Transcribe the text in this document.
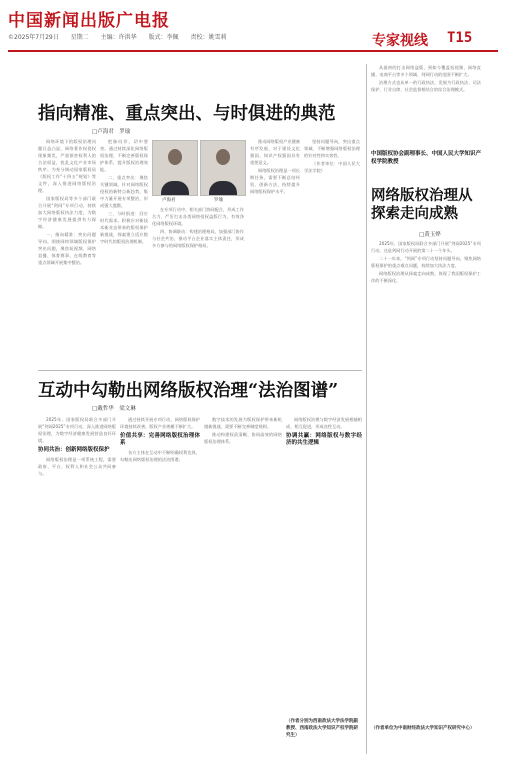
中国新闻出版广电报
©2025年7月29日 星期二 主编：许洪华 版式：李佩 责校：姚雪莉	专家视线 T15
指向精准、重点突出、与时俱进的典范
□卢海君　罗瑜
卢海君	罗瑜

网络环境下的版权治理问题日益凸显，网络著作权侵权现象频发，严重损害权利人的合法权益，扰乱文化产业市场秩序。为充分调动国家版权局《版权工作“十四五”规划》等文件，深入推进网络版权治理。

国家版权局等多个部门联合开展“剑网”专项行动，持续加大网络版权执法力度，为数字经济健康发展提供有力保障。

一、指向精准：突出问题导向。围绕网络领域版权保护突出问题，聚焦短视频、网络直播、体育赛事、在线教育等重点领域开展集中整治。

把脉问诊，切中要害。通过持续深化网络版权治理，不断完善版权保护体系，提升版权治理效能。

二、重点突出：聚焦关键领域。针对网络版权侵权的新特点新趋势，集中力量开展专项整治，形成强大震慑。

三、与时俱进：回应时代需求。积极应对新技术新业态带来的版权保护新挑战，探索建立适应数字时代的版权治理机制。

在专项行动中，相关部门协同配合，形成工作合力，严厉打击各类网络侵权盗版行为，有效净化网络版权环境。

四、协调联动：构建治理格局。加强部门协作与社会共治，推动平台企业落实主体责任，形成多方参与的网络版权保护格局。

推动网络版权产业健康有序发展，对于建设文化强国、知识产权强国具有重要意义。

网络版权治理是一项长期任务，需要不断总结经验、创新方法，持续提升网络版权保护水平。

坚持问题导向，突出重点领域，不断增强网络版权治理的针对性和实效性。

（作者单位：中国人民大学法学院）

互动中勾勒出网络版权治理“法治图谱”
□戴哲华　梁文琳

2025年，国家版权局联合多部门开展“剑网2025”专项行动，深入推进网络版权治理，为数字经济健康发展营造良好环境。

协同共治：创新网络版权保护

网络版权治理是一项系统工程，需要政府、平台、权利人和社会公众共同参与。

通过持续开展专项行动，网络版权保护环境持续改善，版权产业规模不断扩大。

价值共享：完善网络版权治理体系

各方主体在互动中不断明确权利边界，勾勒出网络版权治理的法治图谱。

数字技术的发展为版权保护带来新机遇新挑战，需要不断完善制度规则。

推动构建权责清晰、协同高效的网络版权治理体系。

网络版权治理与数字经济发展相辅相成、相互促进，形成良性互动。

协调共赢：网络版权与数字经济的共生逻辑
（作者分别为西南政法大学法学院副教授、西南政法大学知识产权学院研究生）

从最初的打击网络盗版，到如今覆盖短视频、网络直播、电商平台等多个领域，剑网行动的范围不断扩大。

治理方式也从单一的行政执法，发展为行政执法、司法保护、行业自律、社会监督相结合的综合治理模式。

中国版权协会副理事长、中国人民大学知识产权学院教授
网络版权治理从探索走向成熟
□黄玉烨

2025年，国家版权局联合多部门开展“剑网2025”专项行动。这是剑网行动开展的第二十一个年头。

二十一年来，“剑网”专项行动坚持问题导向，聚焦网络版权保护的重点难点问题，持续加大执法力度。

网络版权治理从探索走向成熟，体现了我国版权保护工作的不断深化。

（作者单位为中南财经政法大学知识产权研究中心）
